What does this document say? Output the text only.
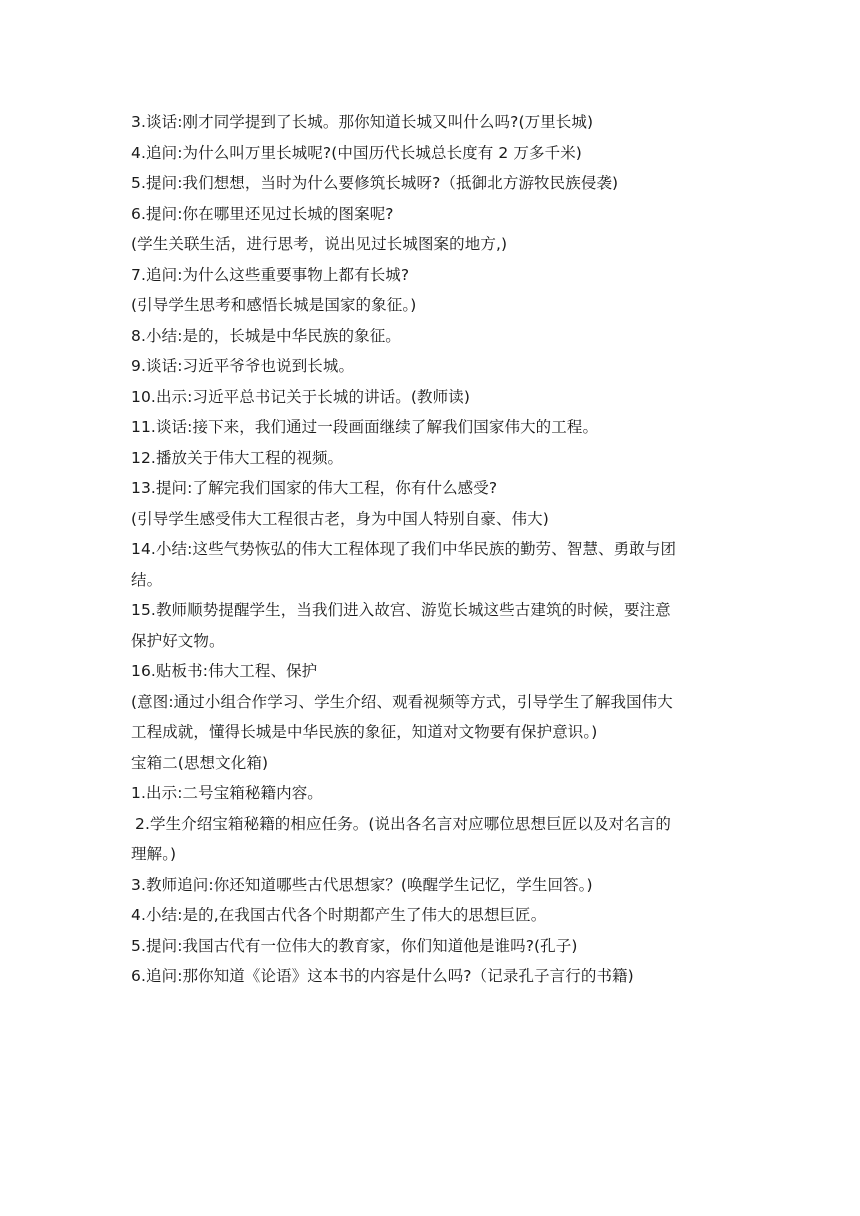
3.谈话:刚才同学提到了长城。那你知道长城又叫什么吗?(万里长城)
4.追问:为什么叫万里长城呢?(中国历代长城总长度有 2 万多千米)
5.提问:我们想想，当时为什么要修筑长城呀?（抵御北方游牧民族侵袭)
6.提问:你在哪里还见过长城的图案呢?
(学生关联生活，进行思考，说出见过长城图案的地方,)
7.追问:为什么这些重要事物上都有长城?
(引导学生思考和感悟长城是国家的象征。)
8.小结:是的，长城是中华民族的象征。
9.谈话:习近平爷爷也说到长城。
10.出示:习近平总书记关于长城的讲话。(教师读)
11.谈话:接下来，我们通过一段画面继续了解我们国家伟大的工程。
12.播放关于伟大工程的视频。
13.提问:了解完我们国家的伟大工程，你有什么感受?
(引导学生感受伟大工程很古老，身为中国人特别自豪、伟大)
14.小结:这些气势恢弘的伟大工程体现了我们中华民族的勤劳、智慧、勇敢与团
结。
15.教师顺势提醒学生，当我们进入故宫、游览长城这些古建筑的时候，要注意
保护好文物。
16.贴板书:伟大工程、保护
(意图:通过小组合作学习、学生介绍、观看视频等方式，引导学生了解我国伟大
工程成就，懂得长城是中华民族的象征，知道对文物要有保护意识。)
宝箱二(思想文化箱)
1.出示:二号宝箱秘籍内容。
2.学生介绍宝箱秘籍的相应任务。(说出各名言对应哪位思想巨匠以及对名言的
理解。)
3.教师追问:你还知道哪些古代思想家？(唤醒学生记忆，学生回答。)
4.小结:是的,在我国古代各个时期都产生了伟大的思想巨匠。
5.提问:我国古代有一位伟大的教育家，你们知道他是谁吗?(孔子)
6.追问:那你知道《论语》这本书的内容是什么吗?（记录孔子言行的书籍)
